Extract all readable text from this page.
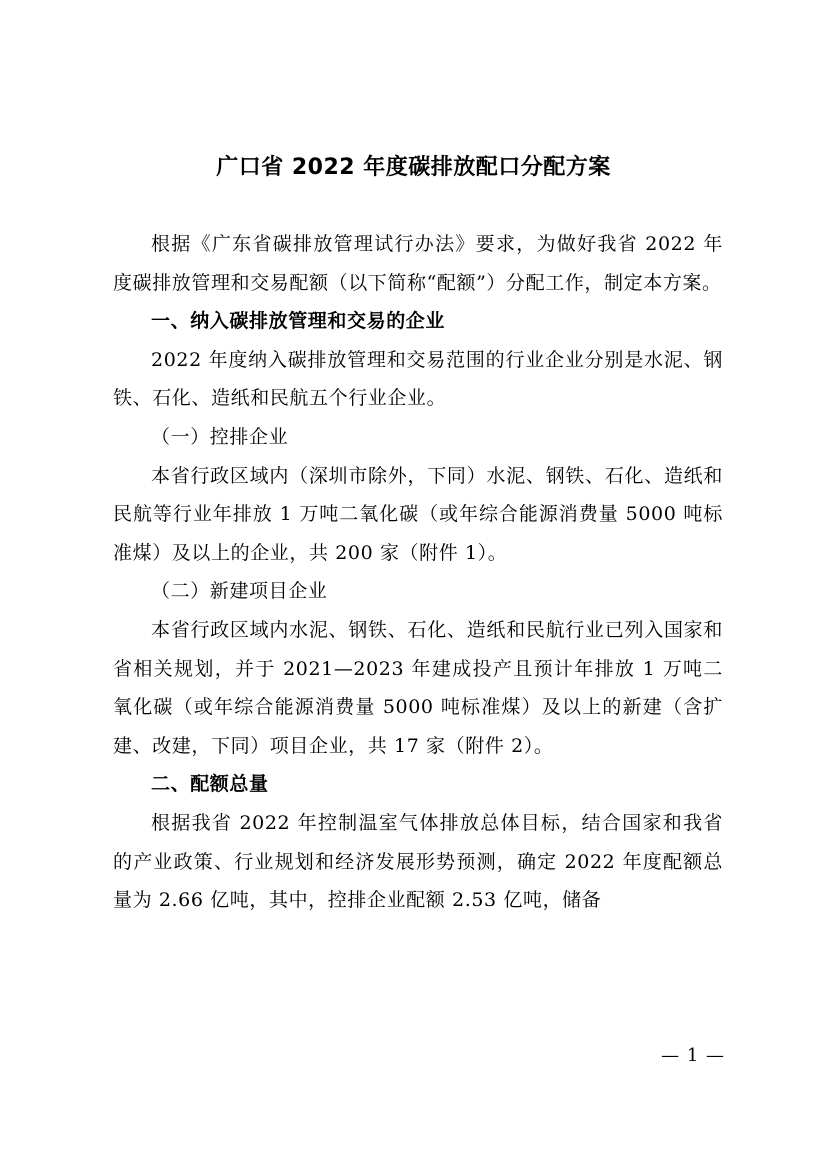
广口省 2022 年度碳排放配口分配方案

根据《广东省碳排放管理试行办法》要求，为做好我省 2022 年度碳排放管理和交易配额（以下简称“配额”）分配工作，制定本方案。

一、纳入碳排放管理和交易的企业

2022 年度纳入碳排放管理和交易范围的行业企业分别是水泥、钢铁、石化、造纸和民航五个行业企业。

（一）控排企业

本省行政区域内（深圳市除外，下同）水泥、钢铁、石化、造纸和民航等行业年排放 1 万吨二氧化碳（或年综合能源消费量 5000 吨标准煤）及以上的企业，共 200 家（附件 1）。

（二）新建项目企业

本省行政区域内水泥、钢铁、石化、造纸和民航行业已列入国家和省相关规划，并于 2021—2023 年建成投产且预计年排放 1 万吨二氧化碳（或年综合能源消费量 5000 吨标准煤）及以上的新建（含扩建、改建，下同）项目企业，共 17 家（附件 2）。

二、配额总量

根据我省 2022 年控制温室气体排放总体目标，结合国家和我省的产业政策、行业规划和经济发展形势预测，确定 2022 年度配额总量为 2.66 亿吨，其中，控排企业配额 2.53 亿吨，储备

— 1 —
